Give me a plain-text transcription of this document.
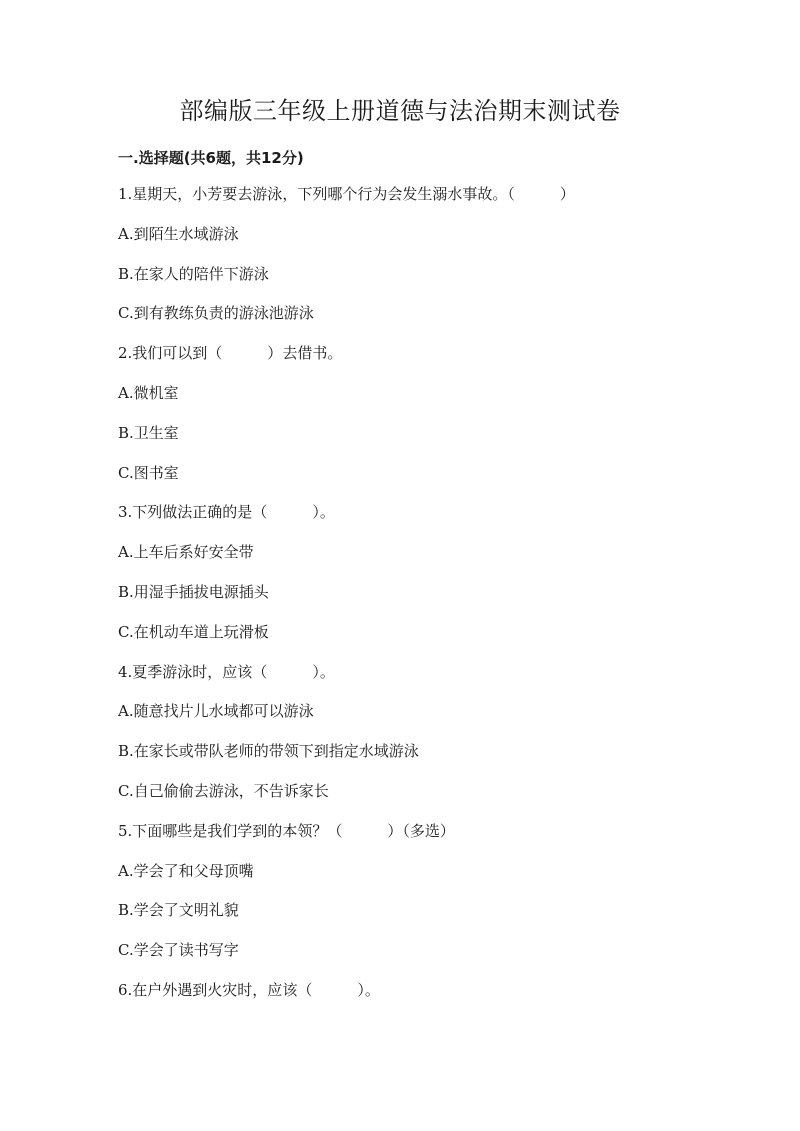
部编版三年级上册道德与法治期末测试卷
一.选择题(共6题，共12分)
1.星期天，小芳要去游泳，下列哪个行为会发生溺水事故。（　　　）
A.到陌生水域游泳
B.在家人的陪伴下游泳
C.到有教练负责的游泳池游泳
2.我们可以到（　　　）去借书。
A.微机室
B.卫生室
C.图书室
3.下列做法正确的是（　　　）。
A.上车后系好安全带
B.用湿手插拔电源插头
C.在机动车道上玩滑板
4.夏季游泳时，应该（　　　）。
A.随意找片儿水域都可以游泳
B.在家长或带队老师的带领下到指定水域游泳
C.自己偷偷去游泳，不告诉家长
5.下面哪些是我们学到的本领？（　　　）（多选）
A.学会了和父母顶嘴
B.学会了文明礼貌
C.学会了读书写字
6.在户外遇到火灾时，应该（　　　）。
